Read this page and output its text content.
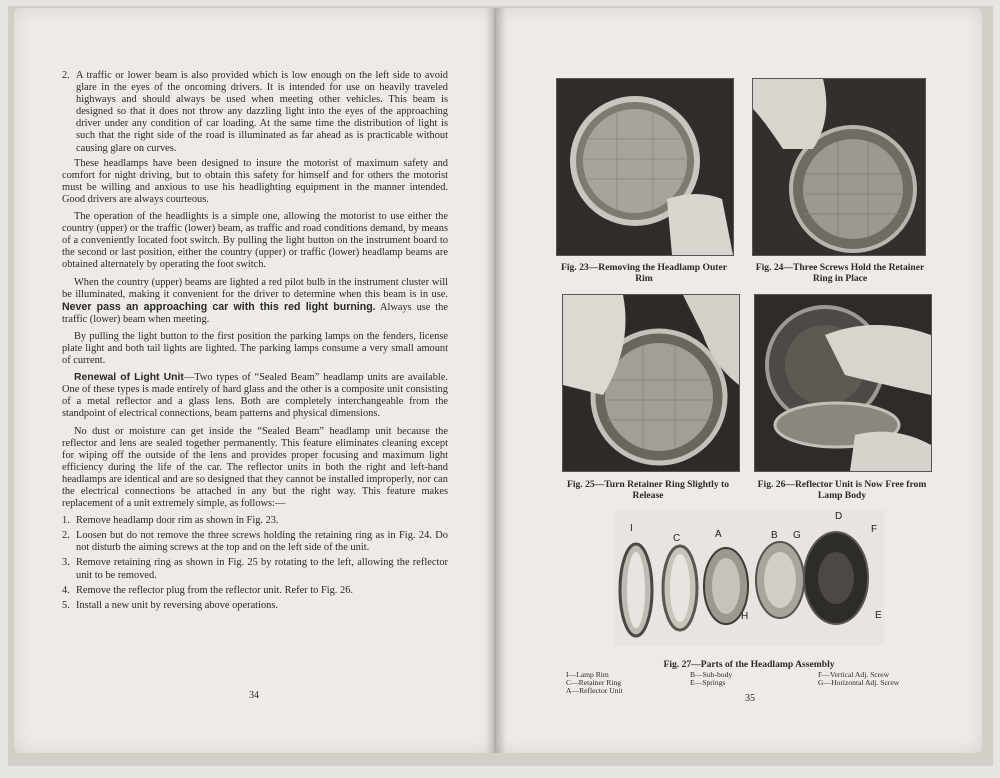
2. A traffic or lower beam is also provided which is low enough on the left side to avoid glare in the eyes of the oncoming drivers. It is intended for use on heavily traveled highways and should always be used when meeting other vehicles. This beam is designed so that it does not throw any dazzling light into the eyes of the approaching driver under any condition of car loading. At the same time the distribution of light is such that the right side of the road is illuminated as far ahead as is practicable without causing glare on curves.

These headlamps have been designed to insure the motorist of maximum safety and comfort for night driving, but to obtain this safety for himself and for others the motorist must be willing and anxious to use his headlighting equipment in the manner intended. Good drivers are always courteous.

The operation of the headlights is a simple one, allowing the motorist to use either the country (upper) or the traffic (lower) beam, as traffic and road conditions demand, by means of a conveniently located foot switch. By pulling the light button on the instrument board to the second or last position, either the country (upper) or traffic (lower) headlamp beams are obtained alternately by operating the foot switch.

When the country (upper) beams are lighted a red pilot bulb in the instrument cluster will be illuminated, making it convenient for the driver to determine when this beam is in use. Never pass an approaching car with this red light burning. Always use the traffic (lower) beam when meeting.

By pulling the light button to the first position the parking lamps on the fenders, license plate light and both tail lights are lighted. The parking lamps consume a very small amount of current.

Renewal of Light Unit—Two types of “Sealed Beam” headlamp units are available. One of these types is made entirely of hard glass and the other is a composite unit consisting of a metal reflector and a glass lens. Both are completely interchangeable from the standpoint of electrical connections, beam patterns and physical dimensions.

No dust or moisture can get inside the “Sealed Beam” headlamp unit because the reflector and lens are sealed together permanently. This feature eliminates cleaning except for wiping off the outside of the lens and provides proper focusing and maximum light efficiency during the life of the car. The reflector units in both the right and left-hand headlamps are identical and are so designed that they cannot be installed improperly, nor can the electrical connections be attached in any but the right way. This feature makes replacement of a unit extremely simple, as follows:—

1. Remove headlamp door rim as shown in Fig. 23.
2. Loosen but do not remove the three screws holding the retaining ring as in Fig. 24. Do not disturb the aiming screws at the top and on the left side of the unit.
3. Remove retaining ring as shown in Fig. 25 by rotating to the left, allowing the reflector unit to be removed.
4. Remove the reflector plug from the reflector unit. Refer to Fig. 26.
5. Install a new unit by reversing above operations.
34
Fig. 23—Removing the Headlamp Outer Rim
Fig. 24—Three Screws Hold the Retainer Ring in Place
Fig. 25—Turn Retainer Ring Slightly to Release
Fig. 26—Reflector Unit is Now Free from Lamp Body
I
C	A	B G
D
F
H	E
Fig. 27—Parts of the Headlamp Assembly
I—Lamp Rim
C—Retainer Ring
A—Reflector Unit
B—Sub-body
E—Springs
F—Vertical Adj. Screw
G—Horizontal Adj. Screw
35
